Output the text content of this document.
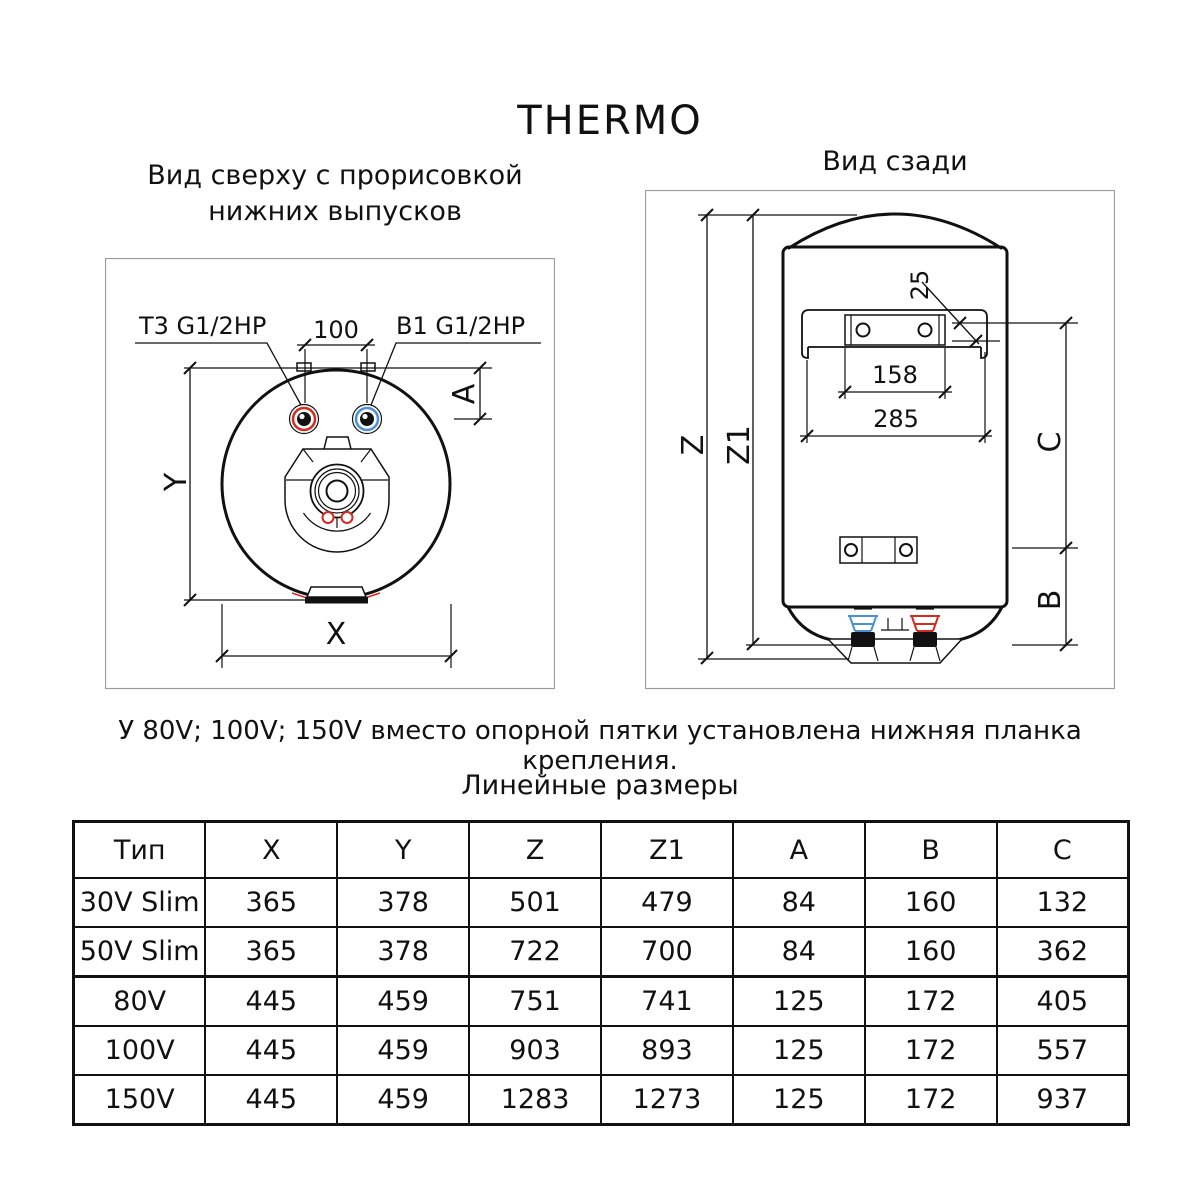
THERMO
Вид сверху с прорисовкой
нижних выпусков
Вид сзади
T3 G1/2HP	B1 G1/2HP
100
A
Y
X
25
158
285
Z Z1	C
B
У 80V; 100V; 150V вместо опорной пятки установлена нижняя планка крепления.
Линейные размеры
Тип	X	Y	Z	Z1	A	B	C
30V Slim	365	378	501	479	84	160	132
50V Slim	365	378	722	700	84	160	362
80V	445	459	751	741	125	172	405
100V	445	459	903	893	125	172	557
150V	445	459	1283	1273	125	172	937
